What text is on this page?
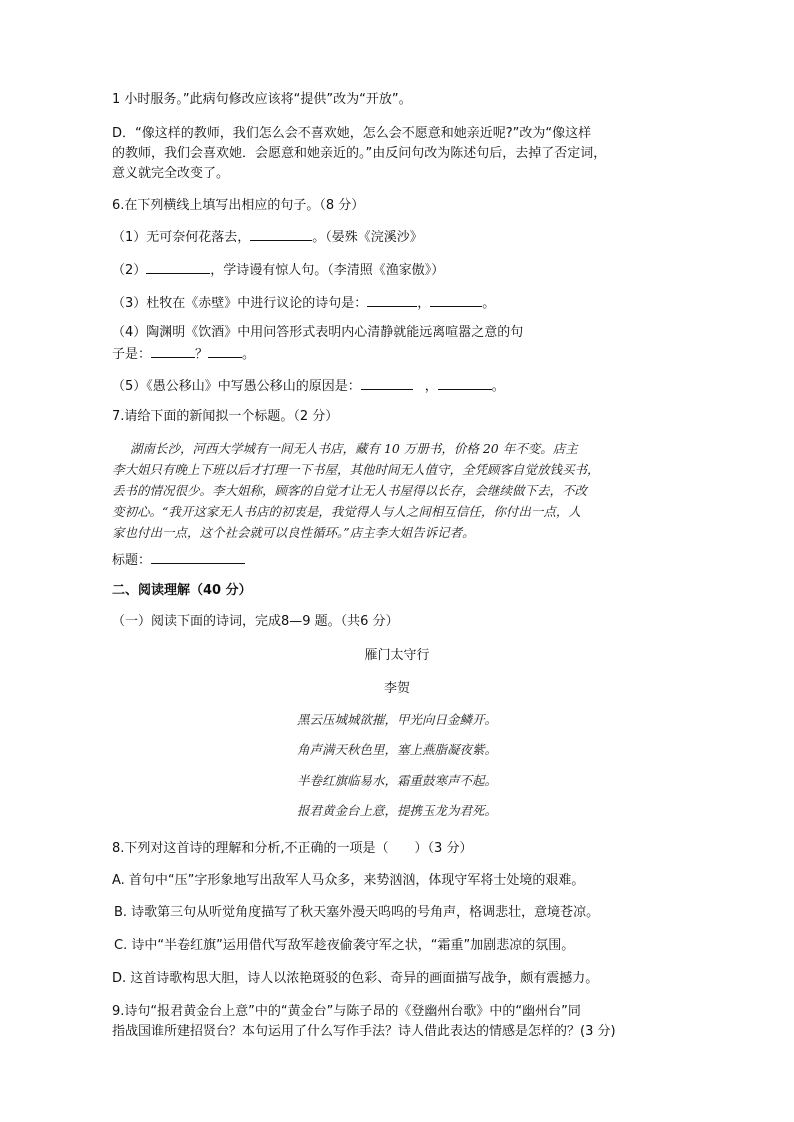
1 小时服务。”此病句修改应该将“提供”改为“开放”。
D．“像这样的教师，我们怎么会不喜欢她，怎么会不愿意和她亲近呢?”改为“像这样
的教师，我们会喜欢她．会愿意和她亲近的。”由反问句改为陈述句后，去掉了否定词，
意义就完全改变了。
6.在下列横线上填写出相应的句子。（8 分）
（1）无可奈何花落去，	。（晏殊《浣溪沙》
（2）	，学诗谩有惊人句。（李清照《渔家傲》）
（3）杜牧在《赤壁》中进行议论的诗句是：	，	。
（4）陶渊明《饮酒》中用问答形式表明内心清静就能远离喧嚣之意的句
子是：	？	。
（5）《愚公移山》中写愚公移山的原因是：	，	。
7.请给下面的新闻拟一个标题。（2 分）
湖南长沙，河西大学城有一间无人书店，藏有 10 万册书，价格 20 年不变。店主
李大姐只有晚上下班以后才打理一下书屋，其他时间无人值守，全凭顾客自觉放钱买书，
丢书的情况很少。李大姐称，顾客的自觉才让无人书屋得以长存，会继续做下去，不改
变初心。“我开这家无人书店的初衷是，我觉得人与人之间相互信任，你付出一点，人
家也付出一点，这个社会就可以良性循环。”店主李大姐告诉记者。
标题：
二、阅读理解（40 分）
（一）阅读下面的诗词，完成8—9 题。（共6 分）
雁门太守行
李贺
黑云压城城欲摧，甲光向日金鳞开。
角声满天秋色里，塞上燕脂凝夜紫。
半卷红旗临易水，霜重鼓寒声不起。
报君黄金台上意，提携玉龙为君死。
8.下列对这首诗的理解和分析,不正确的一项是（　　）（3 分）
A. 首句中“压”字形象地写出敌军人马众多，来势汹汹，体现守军将士处境的艰难。
B. 诗歌第三句从听觉角度描写了秋天塞外漫天呜呜的号角声，格调悲壮，意境苍凉。
C. 诗中“半卷红旗”运用借代写敌军趁夜偷袭守军之状，“霜重”加剧悲凉的氛围。
D. 这首诗歌构思大胆，诗人以浓艳斑驳的色彩、奇异的画面描写战争，颇有震撼力。
9.诗句“报君黄金台上意”中的“黄金台”与陈子昂的《登幽州台歌》中的“幽州台”同
指战国谁所建招贤台？本句运用了什么写作手法？诗人借此表达的情感是怎样的？(3 分)
